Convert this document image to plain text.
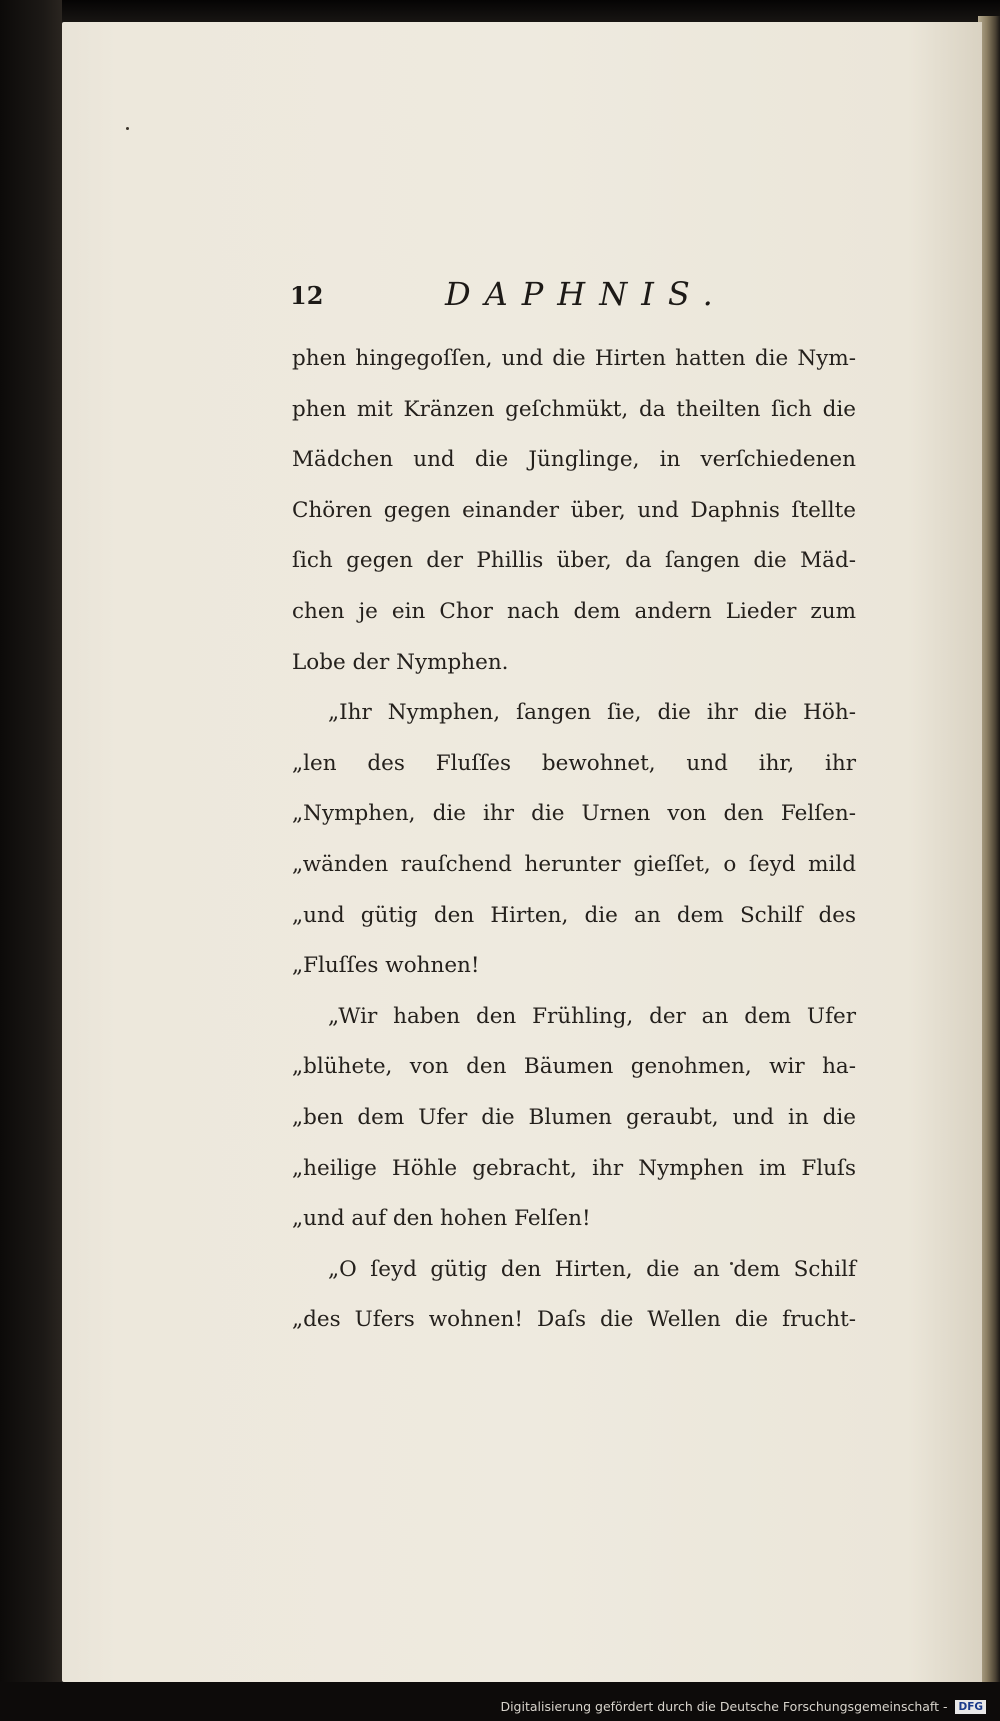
12	DAPHNIS.
phen hingegoſſen, und die Hirten hatten die Nym-
phen mit Kränzen geſchmükt, da theilten ſich die
Mädchen und die Jünglinge, in verſchiedenen
Chören gegen einander über, und Daphnis ſtellte
ſich gegen der Phillis über, da ſangen die Mäd-
chen je ein Chor nach dem andern Lieder zum
Lobe der Nymphen.
„Ihr Nymphen, ſangen ſie, die ihr die Höh-
„len des Fluſſes bewohnet, und ihr, ihr
„Nymphen, die ihr die Urnen von den Felſen-
„wänden rauſchend herunter gieſſet, o ſeyd mild
„und gütig den Hirten, die an dem Schilf des
„Fluſſes wohnen!
„Wir haben den Frühling, der an dem Ufer
„blühete, von den Bäumen genohmen, wir ha-
„ben dem Ufer die Blumen geraubt, und in die
„heilige Höhle gebracht, ihr Nymphen im Fluſs
„und auf den hohen Felſen!
„O ſeyd gütig den Hirten, die an dem Schilf
„des Ufers wohnen! Daſs die Wellen die frucht-
Digitalisierung gefördert durch die Deutsche Forschungsgemeinschaft - DFG
